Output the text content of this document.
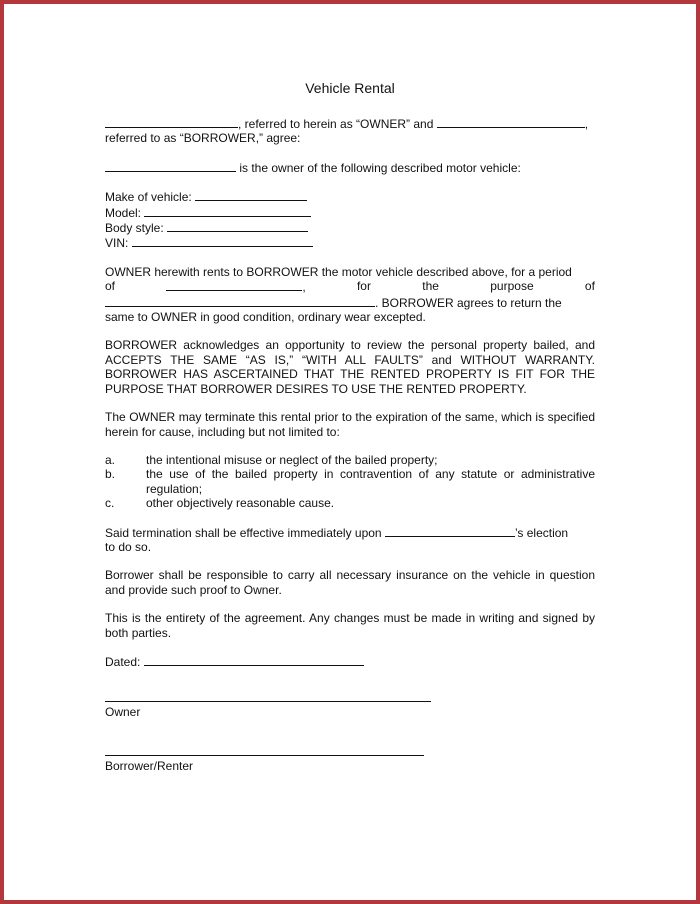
Vehicle Rental

, referred to herein as “OWNER” and	,

referred to as “BORROWER,” agree:

is the owner of the following described motor vehicle:

Make of vehicle:

Model:

Body style:

VIN:

OWNER herewith rents to BORROWER the motor vehicle described above, for a period

of	,	for	the	purpose	of

. BORROWER agrees to return the

same to OWNER in good condition, ordinary wear excepted.

BORROWER acknowledges an opportunity to review the personal property bailed, and ACCEPTS THE SAME “AS IS,” “WITH ALL FAULTS” and WITHOUT WARRANTY. BORROWER HAS ASCERTAINED THAT THE RENTED PROPERTY IS FIT FOR THE PURPOSE THAT BORROWER DESIRES TO USE THE RENTED PROPERTY.

The OWNER may terminate this rental prior to the expiration of the same, which is specified herein for cause, including but not limited to:

a.	the intentional misuse or neglect of the bailed property;
b.	the use of the bailed property in contravention of any statute or administrative regulation;
c.	other objectively reasonable cause.

Said termination shall be effective immediately upon	’s election

to do so.

Borrower shall be responsible to carry all necessary insurance on the vehicle in question and provide such proof to Owner.

This is the entirety of the agreement. Any changes must be made in writing and signed by both parties.

Dated:

Owner

Borrower/Renter
